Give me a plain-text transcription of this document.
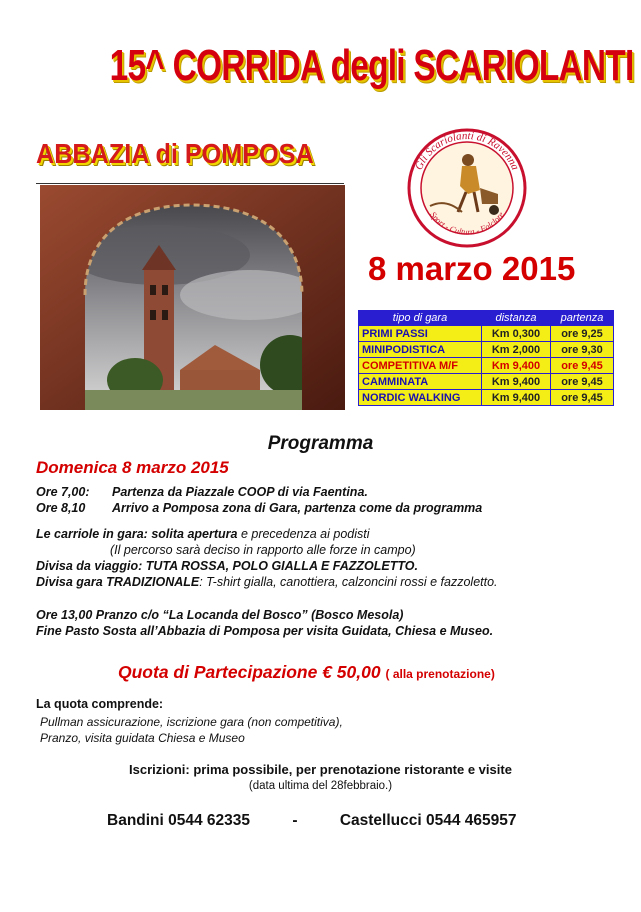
15^ CORRIDA degli SCARIOLANTI
ABBAZIA di POMPOSA	Gli Scariolanti di Ravenna
Sport - Cultura - Folclore
8 marzo 2015
tipo di gara	distanza	partenza
PRIMI PASSI	Km 0,300	ore 9,25
MINIPODISTICA	Km 2,000	ore 9,30
COMPETITIVA M/F	Km 9,400	ore 9,45
CAMMINATA	Km 9,400	ore 9,45
NORDIC WALKING	Km 9,400	ore 9,45
Programma
Domenica 8 marzo 2015
Ore 7,00: Partenza da Piazzale COOP di via Faentina.
Ore 8,10 Arrivo a Pomposa zona di Gara, partenza come da programma
Le carriole in gara: solita apertura e precedenza ai podisti
(Il percorso sarà deciso in rapporto alle forze in campo)
Divisa da viaggio: TUTA ROSSA, POLO GIALLA E FAZZOLETTO.
Divisa gara TRADIZIONALE: T-shirt gialla, canottiera, calzoncini rossi e fazzoletto.
Ore 13,00 Pranzo c/o “La Locanda del Bosco” (Bosco Mesola)
Fine Pasto Sosta all’Abbazia di Pomposa per visita Guidata, Chiesa e Museo.
Quota di Partecipazione € 50,00 ( alla prenotazione)
La quota comprende:
Pullman assicurazione, iscrizione gara (non competitiva),
Pranzo, visita guidata Chiesa e Museo
Iscrizioni: prima possibile, per prenotazione ristorante e visite
(data ultima del 28febbraio.)
Bandini 0544 62335	-	Castellucci 0544 465957
